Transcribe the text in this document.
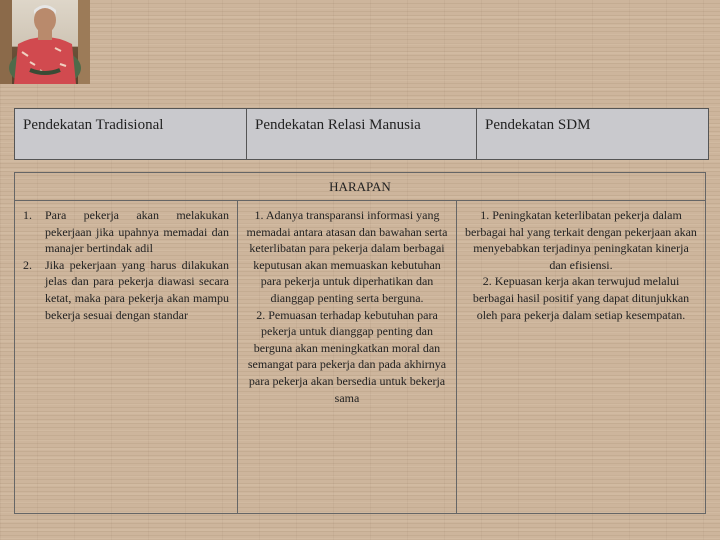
Pendekatan Tradisional	Pendekatan Relasi Manusia	Pendekatan SDM
HARAPAN
1. Para pekerja akan melakukan pekerjaan jika upahnya memadai dan manajer bertindak adil
2. Jika pekerjaan yang harus dilakukan jelas dan para pekerja diawasi secara ketat, maka para pekerja akan mampu bekerja sesuai dengan standar
1. Adanya transparansi informasi yang memadai antara atasan dan bawahan serta keterlibatan para pekerja dalam berbagai keputusan akan memuaskan kebutuhan para pekerja untuk diperhatikan dan dianggap penting serta berguna.
2. Pemuasan terhadap kebutuhan para pekerja untuk dianggap penting dan berguna akan meningkatkan moral dan semangat para pekerja dan pada akhirnya para pekerja akan bersedia untuk bekerja sama
1. Peningkatan keterlibatan pekerja dalam berbagai hal yang terkait dengan pekerjaan akan menyebabkan terjadinya peningkatan kinerja dan efisiensi.
2. Kepuasan kerja akan terwujud melalui berbagai hasil positif yang dapat ditunjukkan oleh para pekerja dalam setiap kesempatan.
